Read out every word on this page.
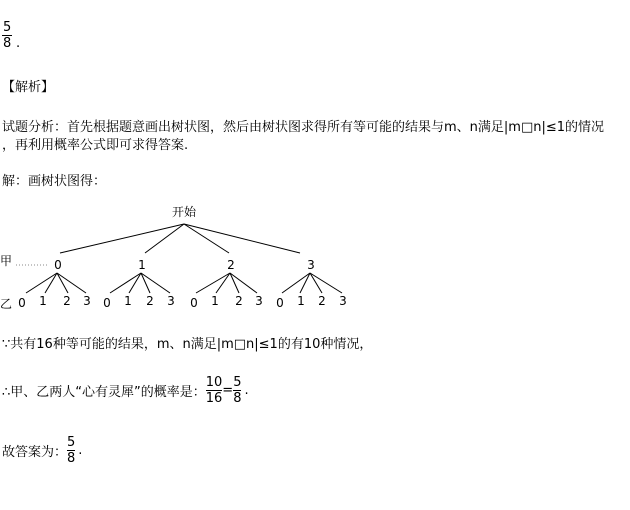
5
8 .
【解析】
试题分析：首先根据题意画出树状图，然后由树状图求得所有等可能的结果与m、n满足|m□n|≤1的情况
，再利用概率公式即可求得答案.
解：画树状图得：
开始
甲	0	1	2	3
乙 0 1 2 3 0 1 2 3 0 1 2 3 0 1 2 3
∵共有16种等可能的结果，m、n满足|m□n|≤1的有10种情况，
∴甲、乙两人“心有灵犀”的概率是： $\frac{10}{16} = \frac{5}{8}$ .
故答案为： $\frac{5}{8}$ .
